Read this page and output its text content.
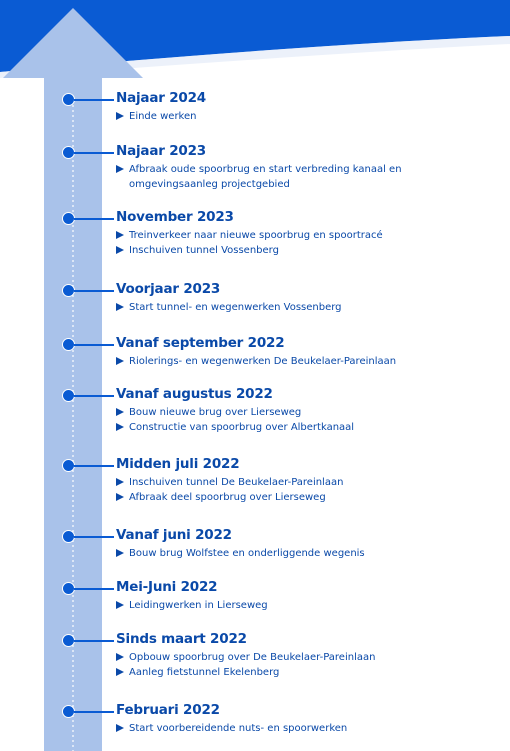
Najaar 2024
Einde werken
Najaar 2023
Afbraak oude spoorbrug en start verbreding kanaal en
omgevingsaanleg projectgebied
November 2023
Treinverkeer naar nieuwe spoorbrug en spoortracé
Inschuiven tunnel Vossenberg
Voorjaar 2023
Start tunnel- en wegenwerken Vossenberg
Vanaf september 2022
Riolerings- en wegenwerken De Beukelaer-Pareinlaan
Vanaf augustus 2022
Bouw nieuwe brug over Lierseweg
Constructie van spoorbrug over Albertkanaal
Midden juli 2022
Inschuiven tunnel De Beukelaer-Pareinlaan
Afbraak deel spoorbrug over Lierseweg
Vanaf juni 2022
Bouw brug Wolfstee en onderliggende wegenis
Mei-Juni 2022
Leidingwerken in Lierseweg
Sinds maart 2022
Opbouw spoorbrug over De Beukelaer-Pareinlaan
Aanleg fietstunnel Ekelenberg
Februari 2022
Start voorbereidende nuts- en spoorwerken
